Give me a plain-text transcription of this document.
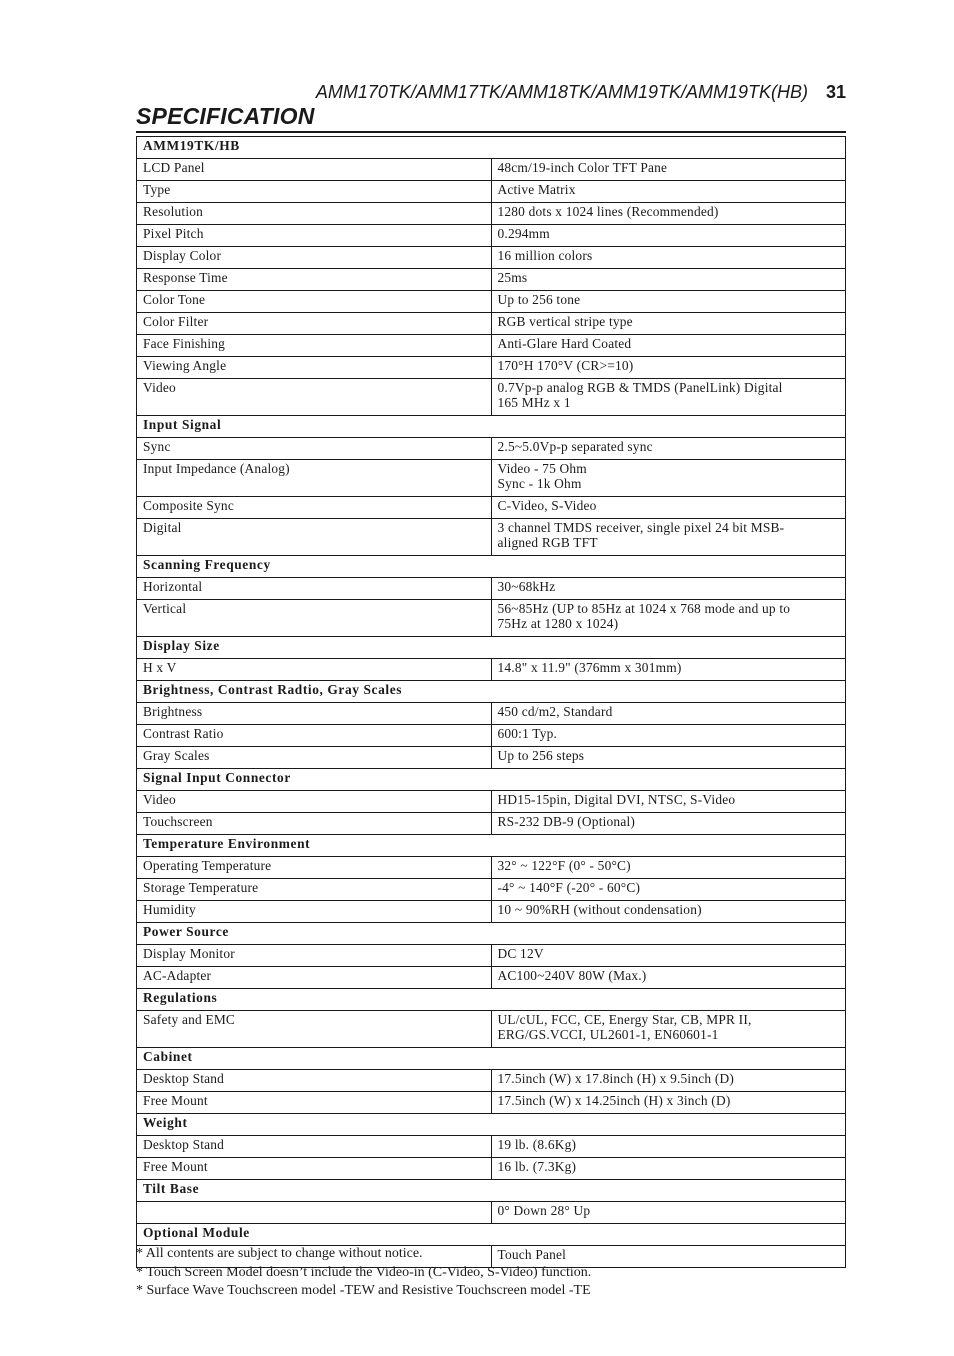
AMM170TK/AMM17TK/AMM18TK/AMM19TK/AMM19TK(HB) 31
SPECIFICATION
AMM19TK/HB	
LCD Panel	48cm/19-inch Color TFT Pane
Type	Active Matrix
Resolution	1280 dots x 1024 lines (Recommended)
Pixel Pitch	0.294mm
Display Color	16 million colors
Response Time	25ms
Color Tone	Up to 256 tone
Color Filter	RGB vertical stripe type
Face Finishing	Anti-Glare Hard Coated
Viewing Angle	170°H 170°V (CR>=10)
Video	0.7Vp-p analog RGB & TMDS (PanelLink) Digital
165 MHz x 1
Input Signal	
Sync	2.5~5.0Vp-p separated sync
Input Impedance (Analog)	Video - 75 Ohm
Sync - 1k Ohm
Composite Sync	C-Video, S-Video
Digital	3 channel TMDS receiver, single pixel 24 bit MSB-
aligned RGB TFT
Scanning Frequency	
Horizontal	30~68kHz
Vertical	56~85Hz (UP to 85Hz at 1024 x 768 mode and up to
75Hz at 1280 x 1024)
Display Size	
H x V	14.8" x 11.9" (376mm x 301mm)
Brightness, Contrast Radtio, Gray Scales	
Brightness	450 cd/m2, Standard
Contrast Ratio	600:1 Typ.
Gray Scales	Up to 256 steps
Signal Input Connector	
Video	HD15-15pin, Digital DVI, NTSC, S-Video
Touchscreen	RS-232 DB-9 (Optional)
Temperature Environment	
Operating Temperature	32° ~ 122°F (0° - 50°C)
Storage Temperature	-4° ~ 140°F (-20° - 60°C)
Humidity	10 ~ 90%RH (without condensation)
Power Source	
Display Monitor	DC 12V
AC-Adapter	AC100~240V 80W (Max.)
Regulations	
Safety and EMC	UL/cUL, FCC, CE, Energy Star, CB, MPR II,
ERG/GS.VCCI, UL2601-1, EN60601-1
Cabinet	
Desktop Stand	17.5inch (W) x 17.8inch (H) x 9.5inch (D)
Free Mount	17.5inch (W) x 14.25inch (H) x 3inch (D)
Weight	
Desktop Stand	19 lb. (8.6Kg)
Free Mount	16 lb. (7.3Kg)
Tilt Base	
	0° Down 28° Up
Optional Module	
	Touch Panel
* All contents are subject to change without notice.
* Touch Screen Model doesn’t include the Video-in (C-Video, S-Video) function.
* Surface Wave Touchscreen model -TEW and Resistive Touchscreen model -TE
